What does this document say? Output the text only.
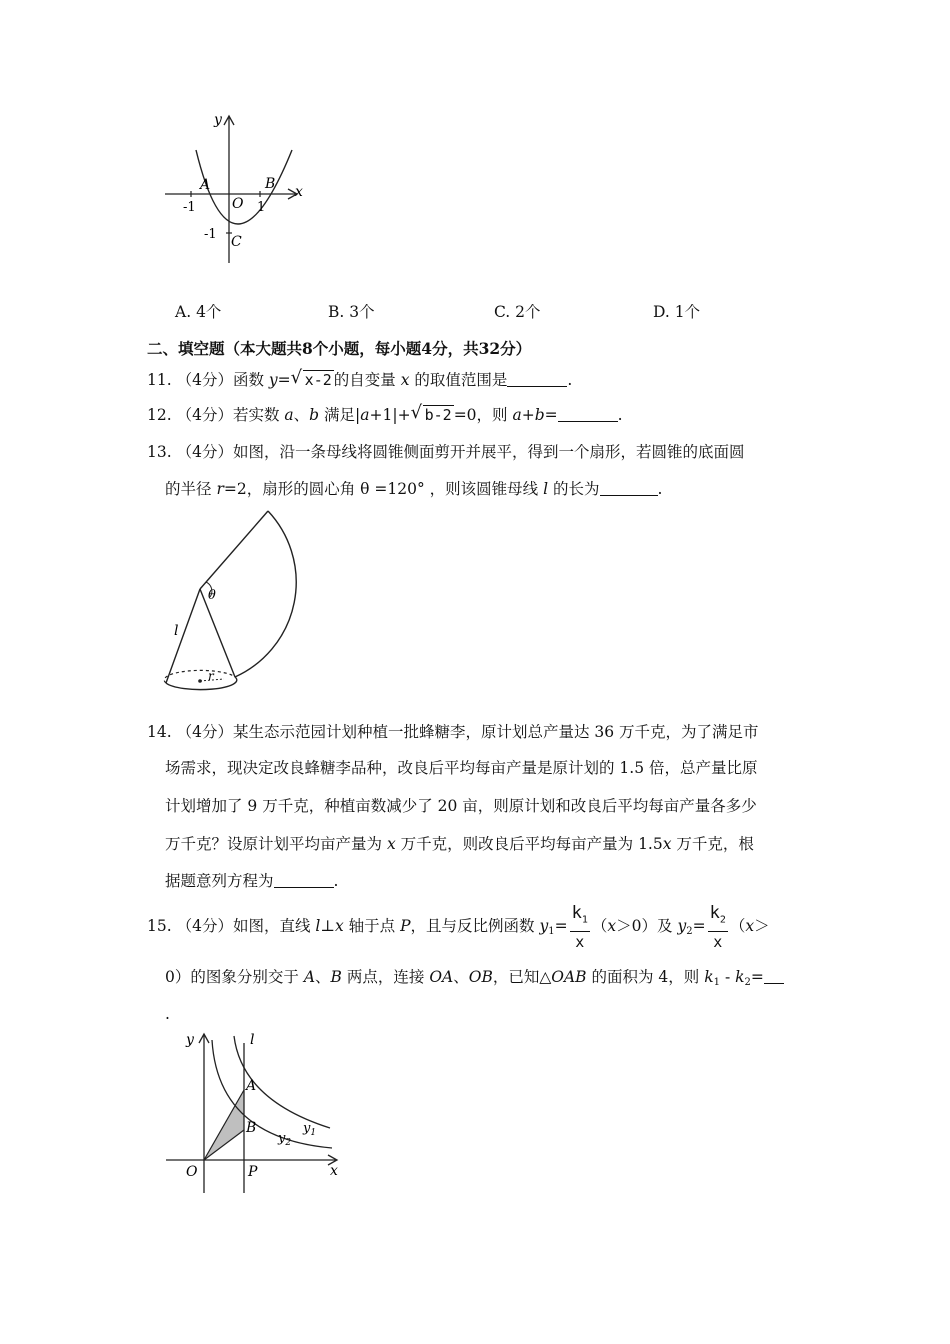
y
x
A	B
O
C
-1	1
-1
A. 4个	B. 3个	C. 2个	D. 1个
二、填空题（本大题共8个小题，每小题4分，共32分）
11. （4分）函数 y= √ x-2 的自变量 x 的取值范围是	.
12. （4分）若实数 a、b 满足|a+1|+ √ b-2 =0，则 a+b=	.
13. （4分）如图，沿一条母线将圆锥侧面剪开并展平，得到一个扇形，若圆锥的底面圆
的半径 r=2，扇形的圆心角 θ =120° ，则该圆锥母线 l 的长为	.
θ
l
r
14. （4分）某生态示范园计划种植一批蜂糖李，原计划总产量达 36 万千克，为了满足市
场需求，现决定改良蜂糖李品种，改良后平均每亩产量是原计划的 1.5 倍，总产量比原
计划增加了 9 万千克，种植亩数减少了 20 亩，则原计划和改良后平均每亩产量各多少
万千克？设原计划平均亩产量为 x 万千克，则改良后平均每亩产量为 1.5x 万千克，根
据题意列方程为	.
15. （4分）如图，直线 l⊥x 轴于点 P，且与反比例函数 $y_1= \frac{k_1}{x} (x>0)$及 $y_2= \frac{k_2}{x} (x>$
0）的图象分别交于 A、B 两点，连接 OA、OB，已知△OAB 的面积为 4，则 $k_1 - k_2=$
.
y	l
A
B	$y_1$
$y_2$
O	P	x
